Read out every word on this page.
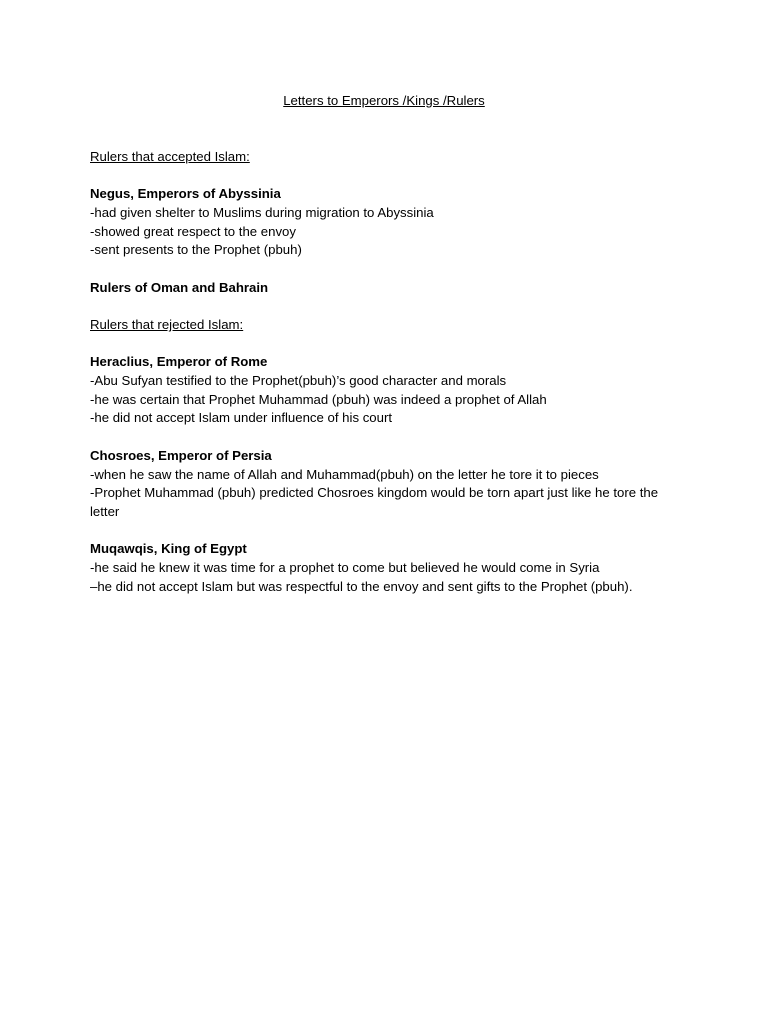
Letters to Emperors /Kings /Rulers

Rulers that accepted Islam:

Negus, Emperors of Abyssinia

-had given shelter to Muslims during migration to Abyssinia

-showed great respect to the envoy

-sent presents to the Prophet (pbuh)

Rulers of Oman and Bahrain

Rulers that rejected Islam:

Heraclius, Emperor of Rome

-Abu Sufyan testified to the Prophet(pbuh)’s good character and morals

-he was certain that Prophet Muhammad (pbuh) was indeed a prophet of Allah

-he did not accept Islam under influence of his court

Chosroes, Emperor of Persia

-when he saw the name of Allah and Muhammad(pbuh) on the letter he tore it to pieces

-Prophet Muhammad (pbuh) predicted Chosroes kingdom would be torn apart just like he tore the letter

Muqawqis, King of Egypt

-he said he knew it was time for a prophet to come but believed he would come in Syria

–he did not accept Islam but was respectful to the envoy and sent gifts to the Prophet (pbuh).
